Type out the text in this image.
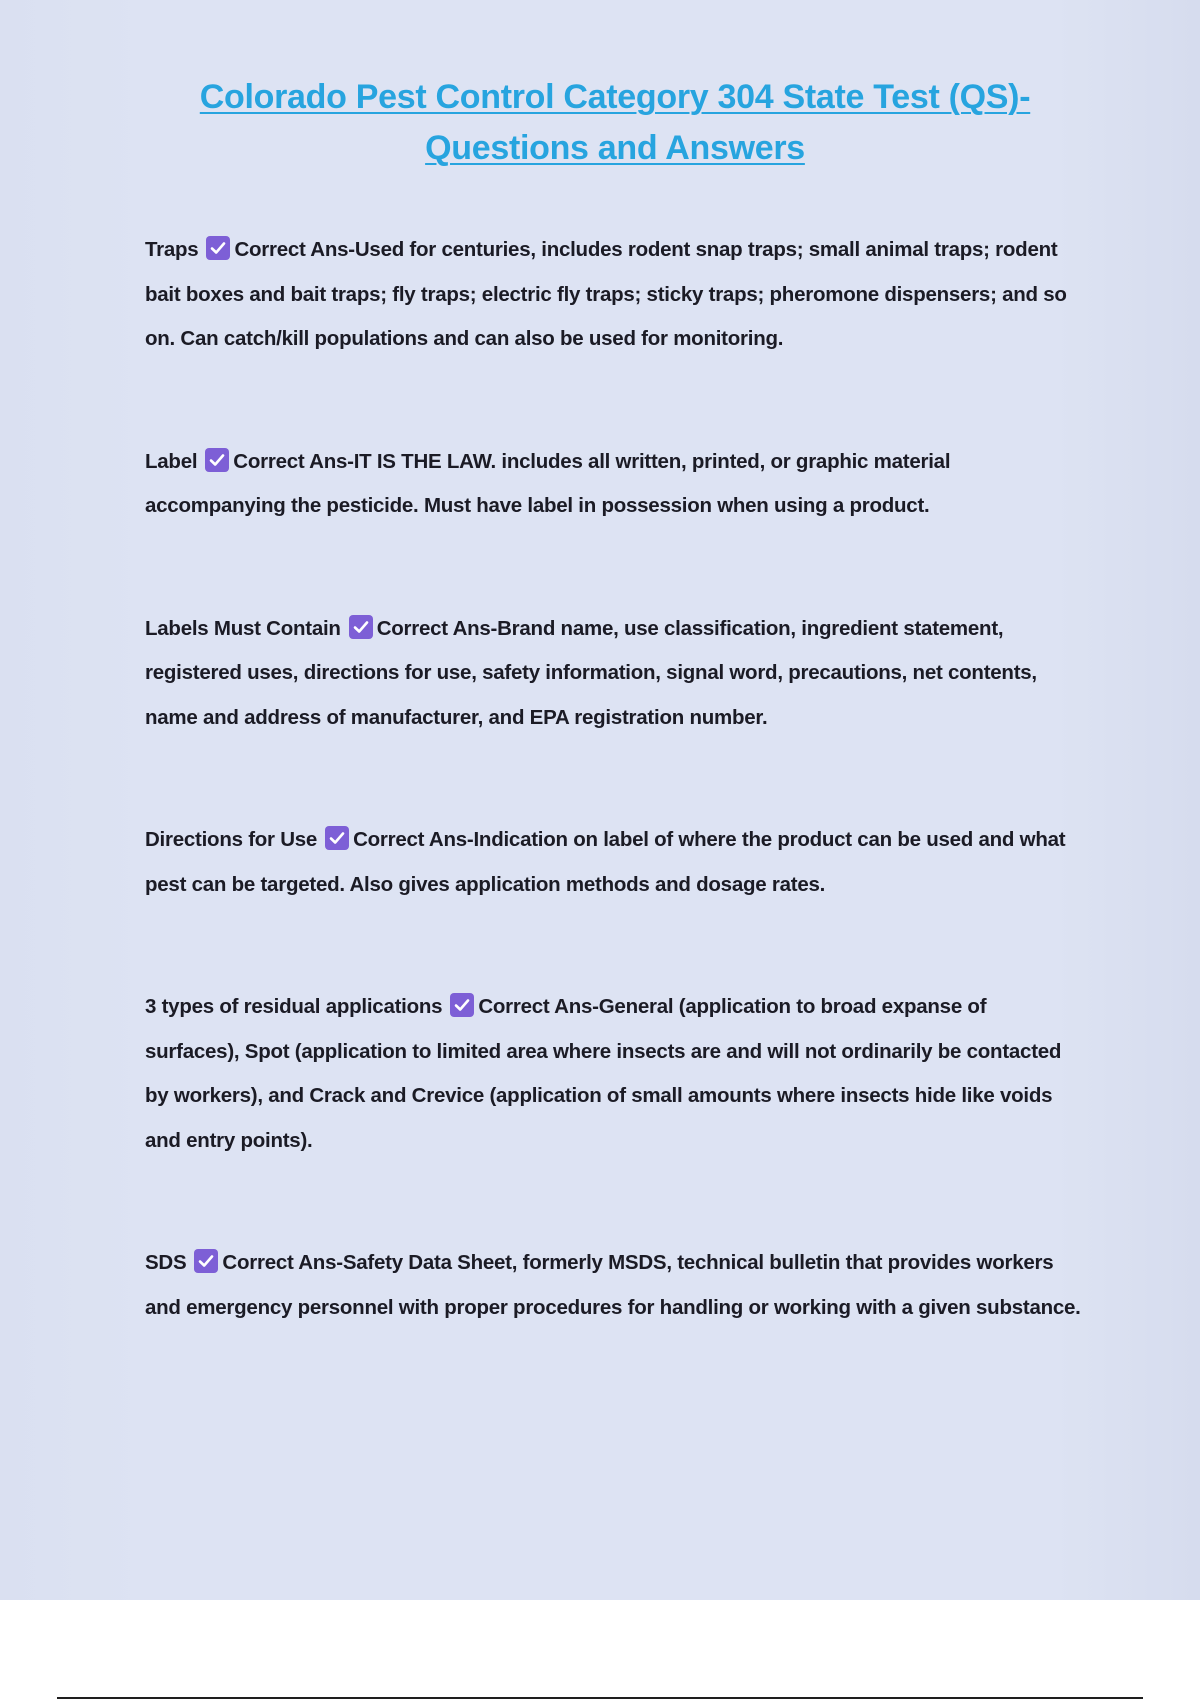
Colorado Pest Control Category 304 State Test (QS)-
Questions and Answers

Traps Correct Ans-Used for centuries, includes rodent snap traps; small animal traps; rodent bait boxes and bait traps; fly traps; electric fly traps; sticky traps; pheromone dispensers; and so on. Can catch/kill populations and can also be used for monitoring.

Label Correct Ans-IT IS THE LAW. includes all written, printed, or graphic material accompanying the pesticide. Must have label in possession when using a product.

Labels Must Contain Correct Ans-Brand name, use classification, ingredient statement, registered uses, directions for use, safety information, signal word, precautions, net contents, name and address of manufacturer, and EPA registration number.

Directions for Use Correct Ans-Indication on label of where the product can be used and what pest can be targeted. Also gives application methods and dosage rates.

3 types of residual applications Correct Ans-General (application to broad expanse of surfaces), Spot (application to limited area where insects are and will not ordinarily be contacted by workers), and Crack and Crevice (application of small amounts where insects hide like voids and entry points).

SDS Correct Ans-Safety Data Sheet, formerly MSDS, technical bulletin that provides workers and emergency personnel with proper procedures for handling or working with a given substance.
